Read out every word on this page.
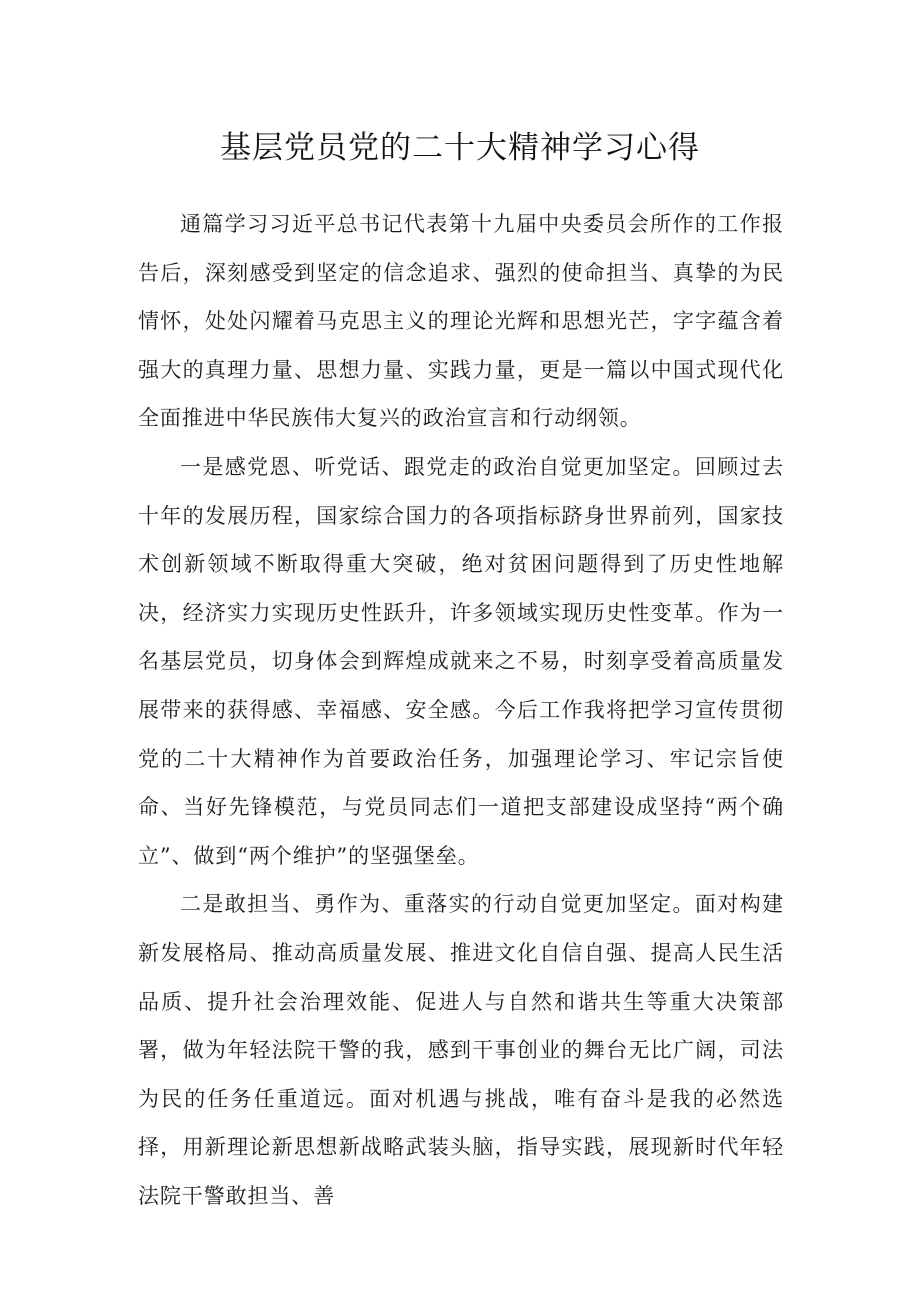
基层党员党的二十大精神学习心得

通篇学习习近平总书记代表第十九届中央委员会所作的工作报告后，深刻感受到坚定的信念追求、强烈的使命担当、真挚的为民情怀，处处闪耀着马克思主义的理论光辉和思想光芒，字字蕴含着强大的真理力量、思想力量、实践力量，更是一篇以中国式现代化全面推进中华民族伟大复兴的政治宣言和行动纲领。

一是感党恩、听党话、跟党走的政治自觉更加坚定。回顾过去十年的发展历程，国家综合国力的各项指标跻身世界前列，国家技术创新领域不断取得重大突破，绝对贫困问题得到了历史性地解决，经济实力实现历史性跃升，许多领域实现历史性变革。作为一名基层党员，切身体会到辉煌成就来之不易，时刻享受着高质量发展带来的获得感、幸福感、安全感。今后工作我将把学习宣传贯彻党的二十大精神作为首要政治任务，加强理论学习、牢记宗旨使命、当好先锋模范，与党员同志们一道把支部建设成坚持“两个确立”、做到“两个维护”的坚强堡垒。

二是敢担当、勇作为、重落实的行动自觉更加坚定。面对构建新发展格局、推动高质量发展、推进文化自信自强、提高人民生活品质、提升社会治理效能、促进人与自然和谐共生等重大决策部署，做为年轻法院干警的我，感到干事创业的舞台无比广阔，司法为民的任务任重道远。面对机遇与挑战，唯有奋斗是我的必然选择，用新理论新思想新战略武装头脑，指导实践，展现新时代年轻法院干警敢担当、善
